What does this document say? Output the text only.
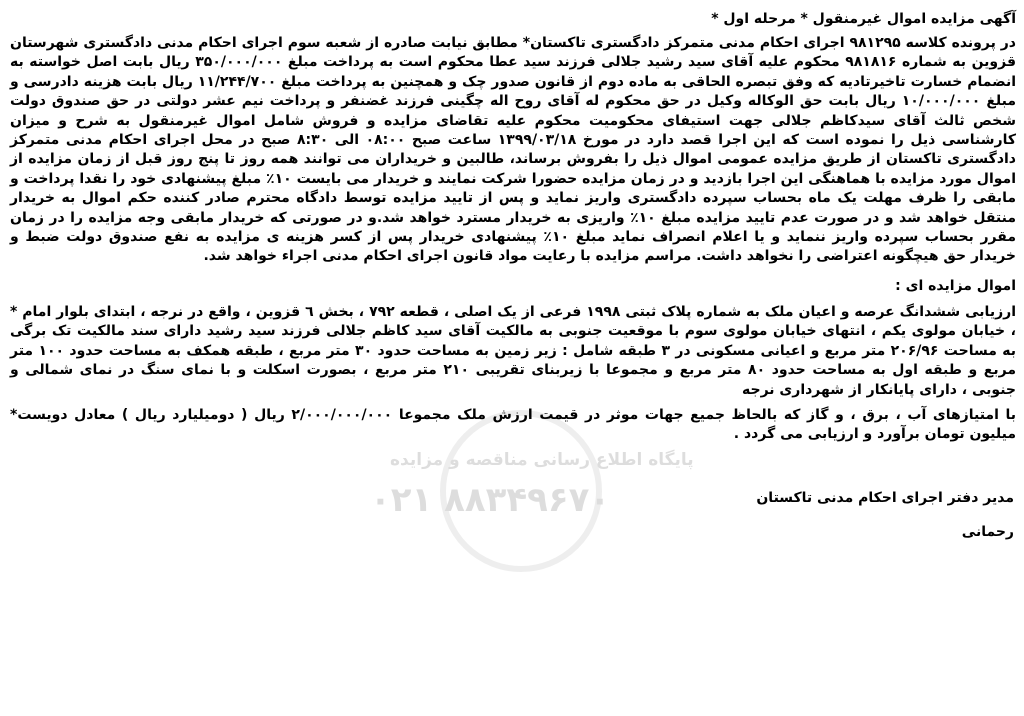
آگهی مزایده اموال غیرمنقول * مرحله اول *

در پرونده کلاسه ۹۸۱۲۹۵ اجرای احکام مدنی متمرکز دادگستری تاکستان* مطابق نیابت صادره از شعبه سوم اجرای احکام مدنی دادگستری شهرستان قزوین به شماره ۹۸۱۸۱۶ محکوم علیه آقای سید رشید جلالی فرزند سید عطا محکوم است به پرداخت مبلغ ۳۵۰/۰۰۰/۰۰۰ ریال بابت اصل خواسته به انضمام خسارت تاخیرتادیه که وفق تبصره الحاقی به ماده دوم از قانون صدور چک و همچنین به پرداخت مبلغ ۱۱/۲۴۴/۷۰۰ ریال بابت هزینه دادرسی و مبلغ ۱۰/۰۰۰/۰۰۰ ریال بابت حق الوکاله وکیل در حق محکوم له آقای روح اله چگینی فرزند غضنفر و پرداخت نیم عشر دولتی در حق صندوق دولت شخص ثالث آقای سیدکاظم جلالی جهت استیفای محکومیت محکوم علیه تقاضای مزایده و فروش شامل اموال غیرمنقول به شرح و میزان کارشناسی ذیل را نموده است که این اجرا قصد دارد در مورخ ۱۳۹۹/۰۳/۱۸ ساعت صبح ۰۸:۰۰ الی ۸:۳۰ صبح در محل اجرای احکام مدنی متمرکز دادگستری تاکستان از طریق مزایده عمومی اموال ذیل را بفروش برساند، طالبین و خریداران می توانند همه روز تا پنج روز قبل از زمان مزایده از اموال مورد مزایده با هماهنگی این اجرا بازدید و در زمان مزایده حضورا شرکت نمایند و خریدار می بایست ۱۰٪ مبلغ پیشنهادی خود را نقدا پرداخت و مابقی را ظرف مهلت یک ماه بحساب سپرده دادگستری واریز نماید و پس از تایید مزایده توسط دادگاه محترم صادر کننده حکم اموال به خریدار منتقل خواهد شد و در صورت عدم تایید مزایده مبلغ ۱۰٪ واریزی به خریدار مسترد خواهد شد.و در صورتی که خریدار مابقی وجه مزایده را در زمان مقرر بحساب سپرده واریز ننماید و یا اعلام انصراف نماید مبلغ ۱۰٪ پیشنهادی خریدار پس از کسر هزینه ی مزایده به نفع صندوق دولت ضبط و خریدار حق هیچگونه اعتراضی را نخواهد داشت. مراسم مزایده با رعایت مواد قانون اجرای احکام مدنی اجراء خواهد شد.

اموال مزایده ای :

ارزیابی ششدانگ عرصه و اعیان ملک به شماره پلاک ثبتی ۱۹۹۸ فرعی از یک اصلی ، قطعه ۷۹۲ ، بخش ٦ قزوین ، واقع در نرجه ، ابتدای بلوار امام * ، خیابان مولوی یکم ، انتهای خیابان مولوی سوم با موقعیت جنوبی به مالکیت آقای سید کاظم جلالی فرزند سید رشید دارای سند مالکیت تک برگی به مساحت ۲۰۶/۹۶ متر مربع و اعیانی مسکونی در ۳ طبقه شامل : زیر زمین به مساحت حدود ۳۰ متر مربع ، طبقه همکف به مساحت حدود ۱۰۰ متر مربع و طبقه اول به مساحت حدود ۸۰ متر مربع و مجموعا با زیربنای تقریبی ۲۱۰ متر مربع ، بصورت اسکلت و با نمای سنگ در نمای شمالی و جنوبی ، دارای پایانکار از شهرداری نرجه

با امتیازهای آب ، برق ، و گاز که بالحاظ جمیع جهات موثر در قیمت ارزش ملک مجموعا ۲/۰۰۰/۰۰۰/۰۰۰ ریال ( دومیلیارد ریال ) معادل دویست* میلیون تومان برآورد و ارزیابی می گردد .

مدیر دفتر اجرای احکام مدنی تاکستان
رحمانی
پایگاه اطلاع رسانی مناقصه و مزایده
۰۲۱ ۸۸۳۴۹۶۷۰
